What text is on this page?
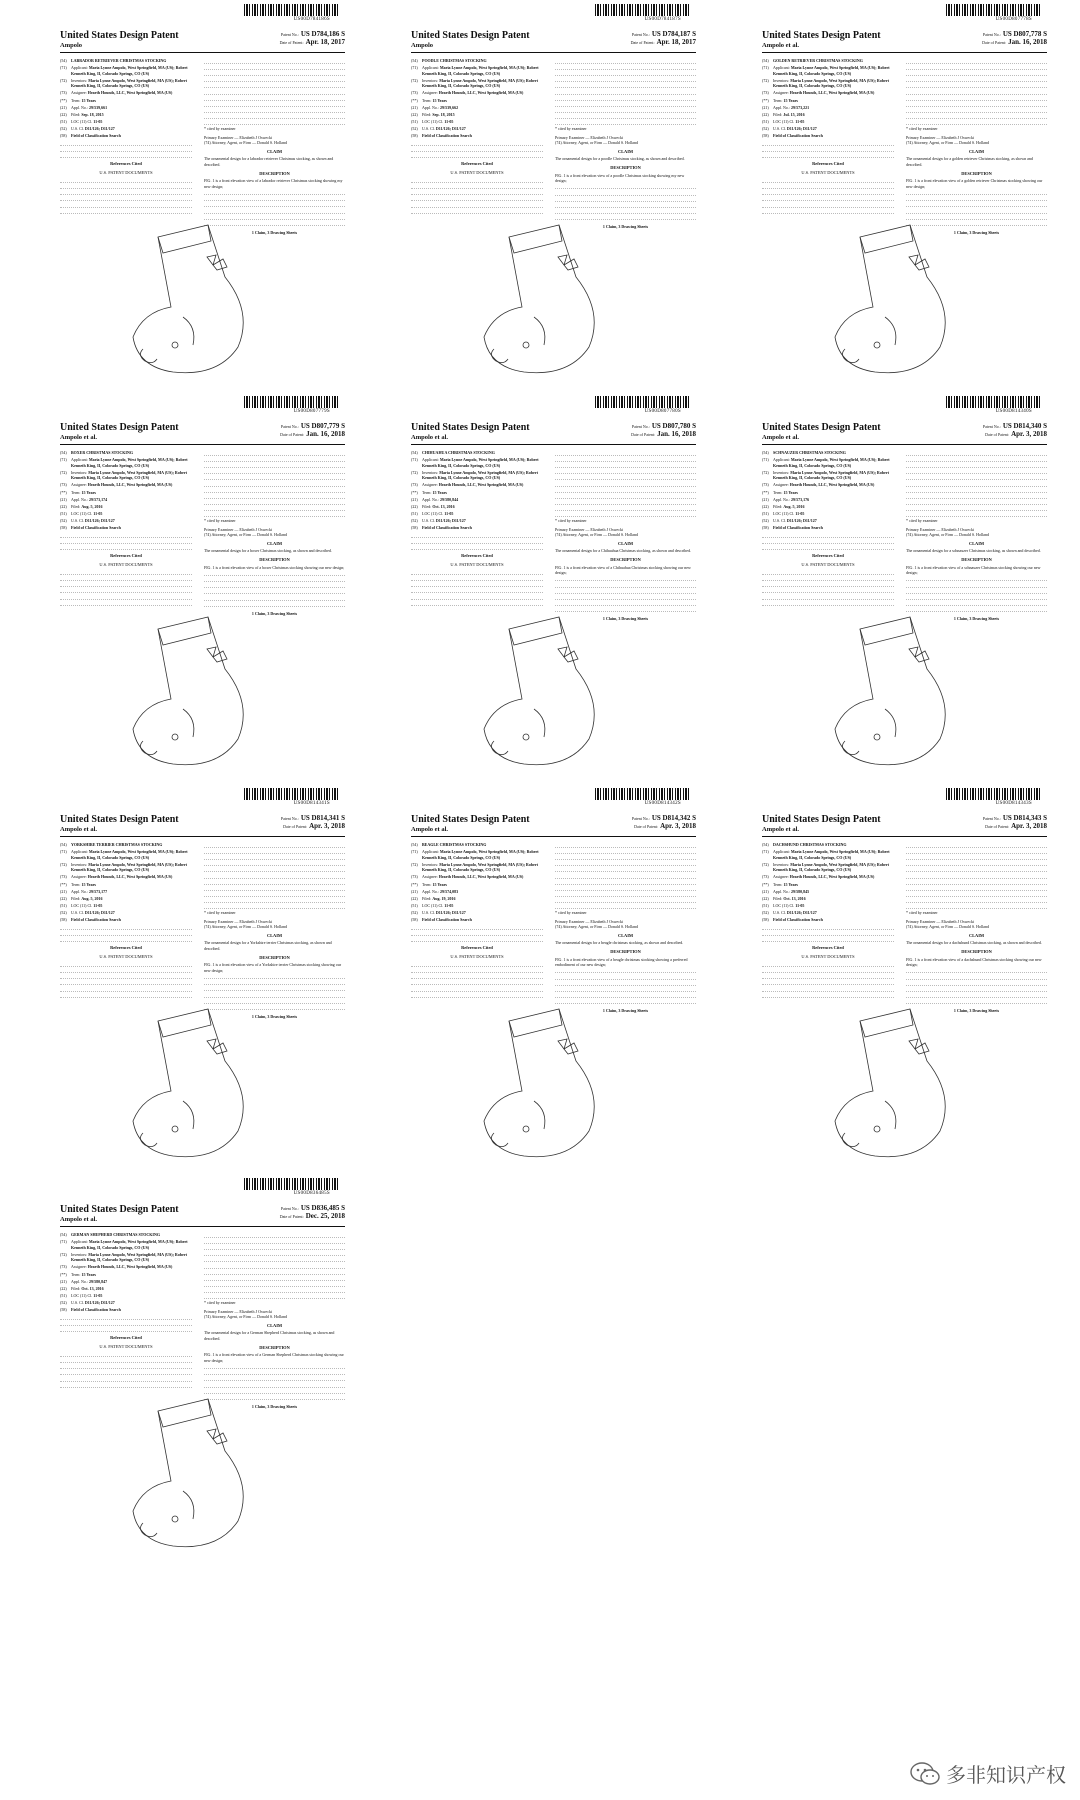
US00D784186S
United States Design Patent
Ampolo
Patent No.: US D784,186 S
Date of Patent: Apr. 18, 2017
(54)	LABRADOR RETRIEVER CHRISTMAS STOCKING
(71)	Applicant: Maria Lynne Ampolo, West Springfield, MA (US); Robert Kenneth King, II, Colorado Springs, CO (US)
(72)	Inventors: Maria Lynne Ampolo, West Springfield, MA (US); Robert Kenneth King, II, Colorado Springs, CO (US)
(73)	Assignee: Hearth Hounds, LLC, West Springfield, MA (US)
(**)	Term: 15 Years
(21)	Appl. No.: 29/539,661
(22)	Filed: Sep. 18, 2015
(51)	LOC (11) Cl. 11-05
(52)	U.S. Cl. D11/126; D11/127
(58)	Field of Classification Search
References Cited
U.S. PATENT DOCUMENTS
* cited by examiner
Primary Examiner — Elizabeth J Oswecki
(74) Attorney, Agent, or Firm — Donald S. Holland
CLAIM
The ornamental design for a labrador retriever Christmas stocking, as shown and described.
DESCRIPTION
FIG. 1 is a front elevation view of a labrador retriever Christmas stocking showing my new design;
1 Claim, 3 Drawing Sheets
US00D784187S
United States Design Patent
Ampolo
Patent No.: US D784,187 S
Date of Patent: Apr. 18, 2017
(54)	POODLE CHRISTMAS STOCKING
(71)	Applicant: Maria Lynne Ampolo, West Springfield, MA (US); Robert Kenneth King, II, Colorado Springs, CO (US)
(72)	Inventors: Maria Lynne Ampolo, West Springfield, MA (US); Robert Kenneth King, II, Colorado Springs, CO (US)
(73)	Assignee: Hearth Hounds, LLC, West Springfield, MA (US)
(**)	Term: 15 Years
(21)	Appl. No.: 29/539,662
(22)	Filed: Sep. 18, 2015
(51)	LOC (11) Cl. 11-05
(52)	U.S. Cl. D11/126; D11/127
(58)	Field of Classification Search
References Cited
U.S. PATENT DOCUMENTS
* cited by examiner
Primary Examiner — Elizabeth J Oswecki
(74) Attorney, Agent, or Firm — Donald S. Holland
CLAIM
The ornamental design for a poodle Christmas stocking, as shown and described.
DESCRIPTION
FIG. 1 is a front elevation view of a poodle Christmas stocking showing my new design;
1 Claim, 3 Drawing Sheets
US00D807778S
United States Design Patent
Ampolo et al.
Patent No.: US D807,778 S
Date of Patent: Jan. 16, 2018
(54)	GOLDEN RETRIEVER CHRISTMAS STOCKING
(71)	Applicant: Maria Lynne Ampolo, West Springfield, MA (US); Robert Kenneth King, II, Colorado Springs, CO (US)
(72)	Inventors: Maria Lynne Ampolo, West Springfield, MA (US); Robert Kenneth King, II, Colorado Springs, CO (US)
(73)	Assignee: Hearth Hounds, LLC, West Springfield, MA (US)
(**)	Term: 15 Years
(21)	Appl. No.: 29/573,221
(22)	Filed: Jul. 15, 2016
(51)	LOC (11) Cl. 11-05
(52)	U.S. Cl. D11/126; D11/127
(58)	Field of Classification Search
References Cited
U.S. PATENT DOCUMENTS
* cited by examiner
Primary Examiner — Elizabeth J Oswecki
(74) Attorney, Agent, or Firm — Donald S. Holland
CLAIM
The ornamental design for a golden retriever Christmas stocking, as shown and described.
DESCRIPTION
FIG. 1 is a front elevation view of a golden retriever Christmas stocking showing our new design;
1 Claim, 3 Drawing Sheets
US00D807779S
United States Design Patent
Ampolo et al.
Patent No.: US D807,779 S
Date of Patent: Jan. 16, 2018
(54)	BOXER CHRISTMAS STOCKING
(71)	Applicant: Maria Lynne Ampolo, West Springfield, MA (US); Robert Kenneth King, II, Colorado Springs, CO (US)
(72)	Inventors: Maria Lynne Ampolo, West Springfield, MA (US); Robert Kenneth King, II, Colorado Springs, CO (US)
(73)	Assignee: Hearth Hounds, LLC, West Springfield, MA (US)
(**)	Term: 15 Years
(21)	Appl. No.: 29/573,174
(22)	Filed: Aug. 5, 2016
(51)	LOC (11) Cl. 11-05
(52)	U.S. Cl. D11/126; D11/127
(58)	Field of Classification Search
References Cited
U.S. PATENT DOCUMENTS
* cited by examiner
Primary Examiner — Elizabeth J Oswecki
(74) Attorney, Agent, or Firm — Donald S. Holland
CLAIM
The ornamental design for a boxer Christmas stocking, as shown and described.
DESCRIPTION
FIG. 1 is a front elevation view of a boxer Christmas stocking showing our new design;
1 Claim, 3 Drawing Sheets
US00D807780S
United States Design Patent
Ampolo et al.
Patent No.: US D807,780 S
Date of Patent: Jan. 16, 2018
(54)	CHIHUAHUA CHRISTMAS STOCKING
(71)	Applicant: Maria Lynne Ampolo, West Springfield, MA (US); Robert Kenneth King, II, Colorado Springs, CO (US)
(72)	Inventors: Maria Lynne Ampolo, West Springfield, MA (US); Robert Kenneth King, II, Colorado Springs, CO (US)
(73)	Assignee: Hearth Hounds, LLC, West Springfield, MA (US)
(**)	Term: 15 Years
(21)	Appl. No.: 29/580,844
(22)	Filed: Oct. 13, 2016
(51)	LOC (11) Cl. 11-05
(52)	U.S. Cl. D11/126; D11/127
(58)	Field of Classification Search
References Cited
U.S. PATENT DOCUMENTS
* cited by examiner
Primary Examiner — Elizabeth J Oswecki
(74) Attorney, Agent, or Firm — Donald S. Holland
CLAIM
The ornamental design for a Chihuahua Christmas stocking, as shown and described.
DESCRIPTION
FIG. 1 is a front elevation view of a Chihuahua Christmas stocking showing our new design;
1 Claim, 3 Drawing Sheets
US00D814340S
United States Design Patent
Ampolo et al.
Patent No.: US D814,340 S
Date of Patent: Apr. 3, 2018
(54)	SCHNAUZER CHRISTMAS STOCKING
(71)	Applicant: Maria Lynne Ampolo, West Springfield, MA (US); Robert Kenneth King, II, Colorado Springs, CO (US)
(72)	Inventors: Maria Lynne Ampolo, West Springfield, MA (US); Robert Kenneth King, II, Colorado Springs, CO (US)
(73)	Assignee: Hearth Hounds, LLC, West Springfield, MA (US)
(**)	Term: 15 Years
(21)	Appl. No.: 29/573,176
(22)	Filed: Aug. 5, 2016
(51)	LOC (11) Cl. 11-05
(52)	U.S. Cl. D11/126; D11/127
(58)	Field of Classification Search
References Cited
U.S. PATENT DOCUMENTS
* cited by examiner
Primary Examiner — Elizabeth J Oswecki
(74) Attorney, Agent, or Firm — Donald S. Holland
CLAIM
The ornamental design for a schnauzer Christmas stocking, as shown and described.
DESCRIPTION
FIG. 1 is a front elevation view of a schnauzer Christmas stocking showing our new design;
1 Claim, 3 Drawing Sheets
US00D814341S
United States Design Patent
Ampolo et al.
Patent No.: US D814,341 S
Date of Patent: Apr. 3, 2018
(54)	YORKSHIRE TERRIER CHRISTMAS STOCKING
(71)	Applicant: Maria Lynne Ampolo, West Springfield, MA (US); Robert Kenneth King, II, Colorado Springs, CO (US)
(72)	Inventors: Maria Lynne Ampolo, West Springfield, MA (US); Robert Kenneth King, II, Colorado Springs, CO (US)
(73)	Assignee: Hearth Hounds, LLC, West Springfield, MA (US)
(**)	Term: 15 Years
(21)	Appl. No.: 29/573,177
(22)	Filed: Aug. 5, 2016
(51)	LOC (11) Cl. 11-05
(52)	U.S. Cl. D11/126; D11/127
(58)	Field of Classification Search
References Cited
U.S. PATENT DOCUMENTS
* cited by examiner
Primary Examiner — Elizabeth J Oswecki
(74) Attorney, Agent, or Firm — Donald S. Holland
CLAIM
The ornamental design for a Yorkshire terrier Christmas stocking, as shown and described.
DESCRIPTION
FIG. 1 is a front elevation view of a Yorkshire terrier Christmas stocking showing our new design;
1 Claim, 3 Drawing Sheets
US00D814342S
United States Design Patent
Ampolo et al.
Patent No.: US D814,342 S
Date of Patent: Apr. 3, 2018
(54)	BEAGLE CHRISTMAS STOCKING
(71)	Applicant: Maria Lynne Ampolo, West Springfield, MA (US); Robert Kenneth King, II, Colorado Springs, CO (US)
(72)	Inventors: Maria Lynne Ampolo, West Springfield, MA (US); Robert Kenneth King, II, Colorado Springs, CO (US)
(73)	Assignee: Hearth Hounds, LLC, West Springfield, MA (US)
(**)	Term: 15 Years
(21)	Appl. No.: 29/574,083
(22)	Filed: Aug. 19, 2016
(51)	LOC (11) Cl. 11-05
(52)	U.S. Cl. D11/126; D11/127
(58)	Field of Classification Search
References Cited
U.S. PATENT DOCUMENTS
* cited by examiner
Primary Examiner — Elizabeth J Oswecki
(74) Attorney, Agent, or Firm — Donald S. Holland
CLAIM
The ornamental design for a beagle christmas stocking, as shown and described.
DESCRIPTION
FIG. 1 is a front elevation view of a beagle christmas stocking showing a preferred embodiment of our new design;
1 Claim, 3 Drawing Sheets
US00D814343S
United States Design Patent
Ampolo et al.
Patent No.: US D814,343 S
Date of Patent: Apr. 3, 2018
(54)	DACHSHUND CHRISTMAS STOCKING
(71)	Applicant: Maria Lynne Ampolo, West Springfield, MA (US); Robert Kenneth King, II, Colorado Springs, CO (US)
(72)	Inventors: Maria Lynne Ampolo, West Springfield, MA (US); Robert Kenneth King, II, Colorado Springs, CO (US)
(73)	Assignee: Hearth Hounds, LLC, West Springfield, MA (US)
(**)	Term: 15 Years
(21)	Appl. No.: 29/580,845
(22)	Filed: Oct. 13, 2016
(51)	LOC (11) Cl. 11-05
(52)	U.S. Cl. D11/126; D11/127
(58)	Field of Classification Search
References Cited
U.S. PATENT DOCUMENTS
* cited by examiner
Primary Examiner — Elizabeth J Oswecki
(74) Attorney, Agent, or Firm — Donald S. Holland
CLAIM
The ornamental design for a dachshund Christmas stocking, as shown and described.
DESCRIPTION
FIG. 1 is a front elevation view of a dachshund Christmas stocking showing our new design;
1 Claim, 3 Drawing Sheets
US00D836485S
United States Design Patent
Ampolo et al.
Patent No.: US D836,485 S
Date of Patent: Dec. 25, 2018
(54)	GERMAN SHEPHERD CHRISTMAS STOCKING
(71)	Applicant: Maria Lynne Ampolo, West Springfield, MA (US); Robert Kenneth King, II, Colorado Springs, CO (US)
(72)	Inventors: Maria Lynne Ampolo, West Springfield, MA (US); Robert Kenneth King, II, Colorado Springs, CO (US)
(73)	Assignee: Hearth Hounds, LLC, West Springfield, MA (US)
(**)	Term: 15 Years
(21)	Appl. No.: 29/580,847
(22)	Filed: Oct. 13, 2016
(51)	LOC (11) Cl. 11-05
(52)	U.S. Cl. D11/126; D11/127
(58)	Field of Classification Search
References Cited
U.S. PATENT DOCUMENTS
* cited by examiner
Primary Examiner — Elizabeth J Oswecki
(74) Attorney, Agent, or Firm — Donald S. Holland
CLAIM
The ornamental design for a German Shepherd Christmas stocking, as shown and described.
DESCRIPTION
FIG. 1 is a front elevation view of a German Shepherd Christmas stocking showing our new design;
1 Claim, 3 Drawing Sheets
多非知识产权
